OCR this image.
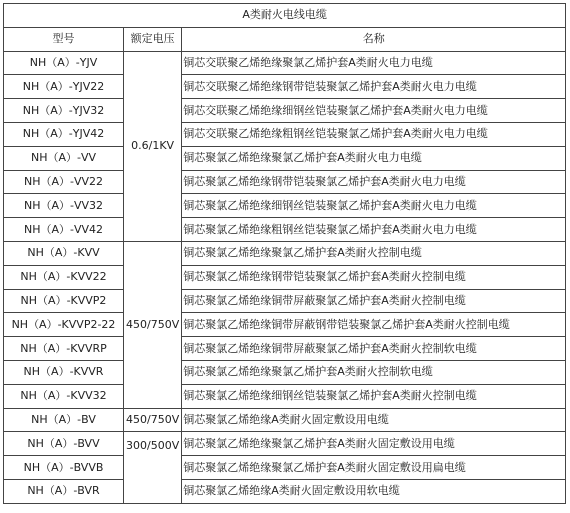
A类耐火电线电缆		
型号	额定电压	名称
NH（A）-YJV	0.6/1KV	铜芯交联聚乙烯绝缘聚氯乙烯护套A类耐火电力电缆
NH（A）-YJV22		铜芯交联聚乙烯绝缘钢带铠装聚氯乙烯护套A类耐火电力电缆
NH（A）-YJV32		铜芯交联聚乙烯绝缘细钢丝铠装聚氯乙烯护套A类耐火电力电缆
NH（A）-YJV42		铜芯交联聚乙烯绝缘粗钢丝铠装聚氯乙烯护套A类耐火电力电缆
NH（A）-VV		铜芯聚氯乙烯绝缘聚氯乙烯护套A类耐火电力电缆
NH（A）-VV22		铜芯聚氯乙烯绝缘钢带铠装聚氯乙烯护套A类耐火电力电缆
NH（A）-VV32		铜芯聚氯乙烯绝缘细钢丝铠装聚氯乙烯护套A类耐火电力电缆
NH（A）-VV42		铜芯聚氯乙烯绝缘粗钢丝铠装聚氯乙烯护套A类耐火电力电缆
NH（A）-KVV	450/750V	铜芯聚氯乙烯绝缘聚氯乙烯护套A类耐火控制电缆
NH（A）-KVV22		铜芯聚氯乙烯绝缘钢带铠装聚氯乙烯护套A类耐火控制电缆
NH（A）-KVVP2		铜芯聚氯乙烯绝缘铜带屏蔽聚氯乙烯护套A类耐火控制电缆
NH（A）-KVVP2-22		铜芯聚氯乙烯绝缘铜带屏蔽钢带铠装聚氯乙烯护套A类耐火控制电缆
NH（A）-KVVRP		铜芯聚氯乙烯绝缘铜带屏蔽聚氯乙烯护套A类耐火控制软电缆
NH（A）-KVVR		铜芯聚氯乙烯绝缘聚氯乙烯护套A类耐火控制软电缆
NH（A）-KVV32		铜芯聚氯乙烯绝缘细钢丝铠装聚氯乙烯护套A类耐火控制电缆
NH（A）-BV	450/750V	铜芯聚氯乙烯绝缘A类耐火固定敷设用电缆
NH（A）-BVV	300/500V	铜芯聚氯乙烯绝缘聚氯乙烯护套A类耐火固定敷设用电缆
NH（A）-BVVB		铜芯聚氯乙烯绝缘聚氯乙烯护套A类耐火固定敷设用扁电缆
NH（A）-BVR		铜芯聚氯乙烯绝缘A类耐火固定敷设用软电缆
